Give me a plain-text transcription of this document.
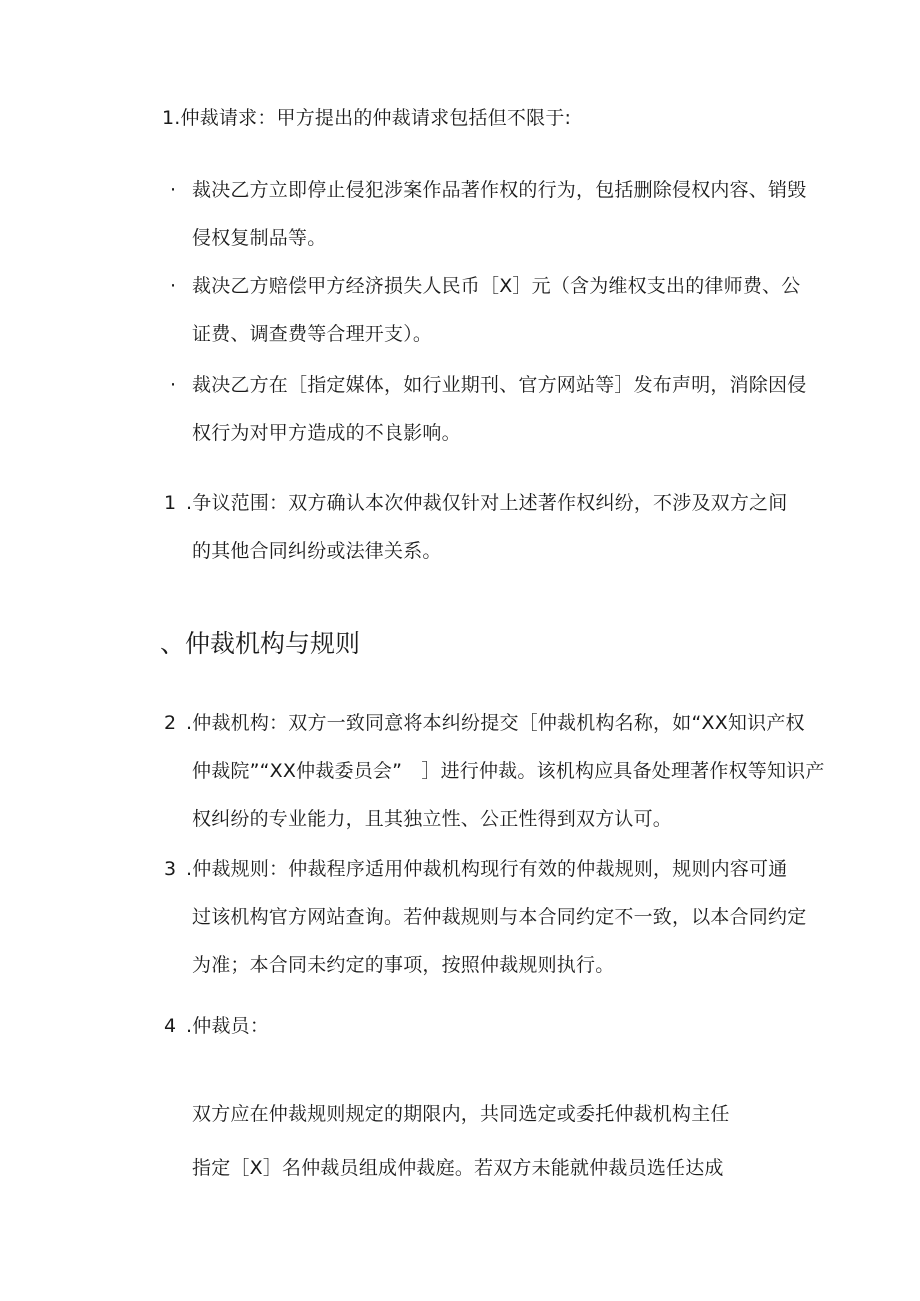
1.仲裁请求：甲方提出的仲裁请求包括但不限于:
· 裁决乙方立即停止侵犯涉案作品著作权的行为，包括删除侵权内容、销毁
侵权复制品等。
· 裁决乙方赔偿甲方经济损失人民币［X］元（含为维权支出的律师费、公
证费、调查费等合理开支）。
· 裁决乙方在［指定媒体，如行业期刊、官方网站等］发布声明，消除因侵
权行为对甲方造成的不良影响。
1 .争议范围：双方确认本次仲裁仅针对上述著作权纠纷，不涉及双方之间
的其他合同纠纷或法律关系。
、仲裁机构与规则
2 .仲裁机构：双方一致同意将本纠纷提交［仲裁机构名称，如“XX知识产权
仲裁院”“XX仲裁委员会”　］进行仲裁。该机构应具备处理著作权等知识产
权纠纷的专业能力，且其独立性、公正性得到双方认可。
3 .仲裁规则：仲裁程序适用仲裁机构现行有效的仲裁规则，规则内容可通
过该机构官方网站查询。若仲裁规则与本合同约定不一致，以本合同约定
为准；本合同未约定的事项，按照仲裁规则执行。
4 .仲裁员：
双方应在仲裁规则规定的期限内，共同选定或委托仲裁机构主任
指定［X］名仲裁员组成仲裁庭。若双方未能就仲裁员选任达成
